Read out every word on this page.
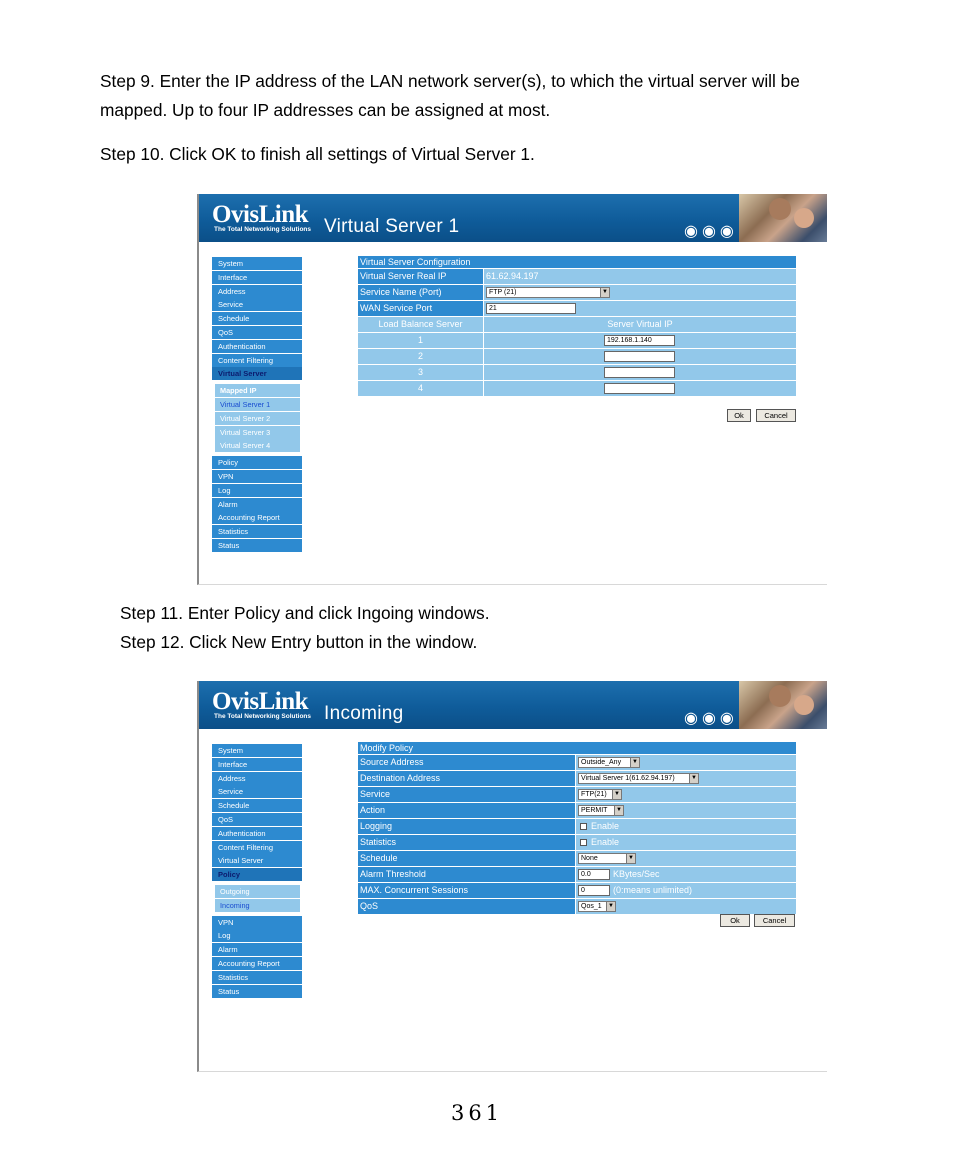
Step 9. Enter the IP address of the LAN network server(s), to which the virtual server will be
mapped. Up to four IP addresses can be assigned at most.
Step 10. Click OK to finish all settings of Virtual Server 1.
OvisLink
The Total Networking Solutions Virtual Server 1	◉◉◉
System
Interface
Address
Service
Schedule
QoS
Authentication
Content Filtering
Virtual Server
Mapped IP
Virtual Server 1
Virtual Server 2
Virtual Server 3
Virtual Server 4
Policy
VPN
Log
Alarm
Accounting Report
Statistics
Status
Virtual Server Configuration
Virtual Server Real IP	61.62.94.197
Service Name (Port)	FTP (21)	▼
WAN Service Port	21
Load Balance Server	Server Virtual IP
1	192.168.1.140
2
3
4
Ok	Cancel
Step 11. Enter Policy and click Ingoing windows.
Step 12. Click New Entry button in the window.
OvisLink
The Total Networking Solutions Incoming	◉◉◉
System
Interface
Address
Service
Schedule
QoS
Authentication
Content Filtering
Virtual Server
Policy
Outgoing
Incoming
VPN
Log
Alarm
Accounting Report
Statistics
Status
Modify Policy
Source Address	Outside_Any	▼
Destination Address	Virtual Server 1(61.62.94.197)	▼
Service	FTP(21)	▼
Action	PERMIT	▼
Logging	Enable
Statistics	Enable
Schedule	None	▼
Alarm Threshold	0.0	KBytes/Sec
MAX. Concurrent Sessions	0	(0:means unlimited)
QoS	Qos_1	▼
Ok	Cancel
361
